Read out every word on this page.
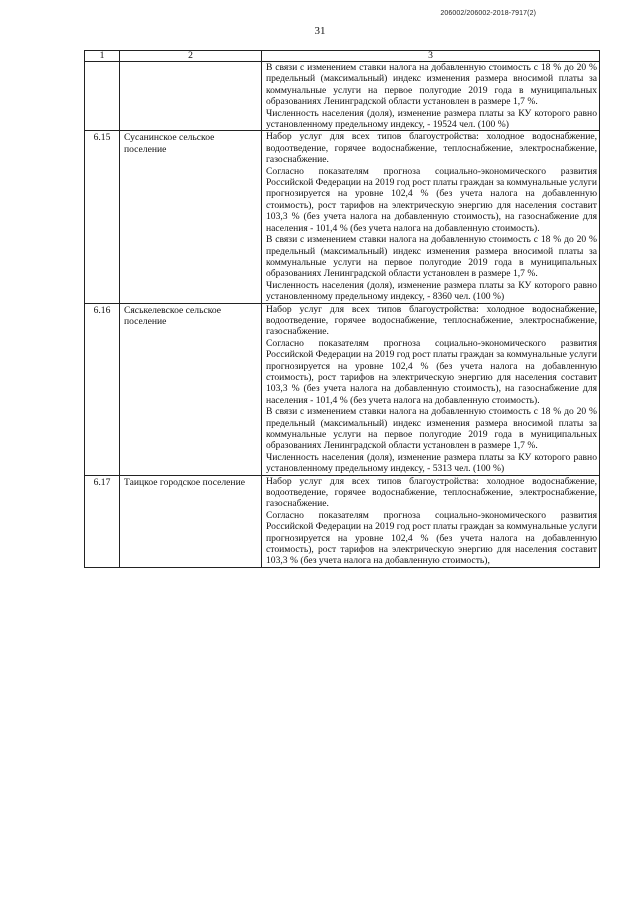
206002/206002-2018-7917(2)
31
1	2	3

		В связи с изменением ставки налога на добавленную стоимость с 18 % до 20 % предельный (максимальный) индекс изменения размера вносимой платы за коммунальные услуги на первое полугодие 2019 года в муниципальных образованиях Ленинградской области установлен в размере 1,7 %.
Численность населения (доля), изменение размера платы за КУ которого равно установленному предельному индексу, - 19524 чел. (100 %)

6.15	Сусанинское сельское поселение	Набор услуг для всех типов благоустройства: холодное водоснабжение, водоотведение, горячее водоснабжение, теплоснабжение, электроснабжение, газоснабжение.
Согласно показателям прогноза социально-экономического развития Российской Федерации на 2019 год рост платы граждан за коммунальные услуги прогнозируется на уровне 102,4 % (без учета налога на добавленную стоимость), рост тарифов на электрическую энергию для населения составит 103,3 % (без учета налога на добавленную стоимость), на газоснабжение для населения - 101,4 % (без учета налога на добавленную стоимость).
В связи с изменением ставки налога на добавленную стоимость с 18 % до 20 % предельный (максимальный) индекс изменения размера вносимой платы за коммунальные услуги на первое полугодие 2019 года в муниципальных образованиях Ленинградской области установлен в размере 1,7 %.
Численность населения (доля), изменение размера платы за КУ которого равно установленному предельному индексу, - 8360 чел. (100 %)

6.16	Сяськелевское сельское поселение	Набор услуг для всех типов благоустройства: холодное водоснабжение, водоотведение, горячее водоснабжение, теплоснабжение, электроснабжение, газоснабжение.
Согласно показателям прогноза социально-экономического развития Российской Федерации на 2019 год рост платы граждан за коммунальные услуги прогнозируется на уровне 102,4 % (без учета налога на добавленную стоимость), рост тарифов на электрическую энергию для населения составит 103,3 % (без учета налога на добавленную стоимость), на газоснабжение для населения - 101,4 % (без учета налога на добавленную стоимость).
В связи с изменением ставки налога на добавленную стоимость с 18 % до 20 % предельный (максимальный) индекс изменения размера вносимой платы за коммунальные услуги на первое полугодие 2019 года в муниципальных образованиях Ленинградской области установлен в размере 1,7 %.
Численность населения (доля), изменение размера платы за КУ которого равно установленному предельному индексу, - 5313 чел. (100 %)

6.17	Таицкое городское поселение	Набор услуг для всех типов благоустройства: холодное водоснабжение, водоотведение, горячее водоснабжение, теплоснабжение, электроснабжение, газоснабжение.
Согласно показателям прогноза социально-экономического развития Российской Федерации на 2019 год рост платы граждан за коммунальные услуги прогнозируется на уровне 102,4 % (без учета налога на добавленную стоимость), рост тарифов на электрическую энергию для населения составит 103,3 % (без учета налога на добавленную стоимость),
